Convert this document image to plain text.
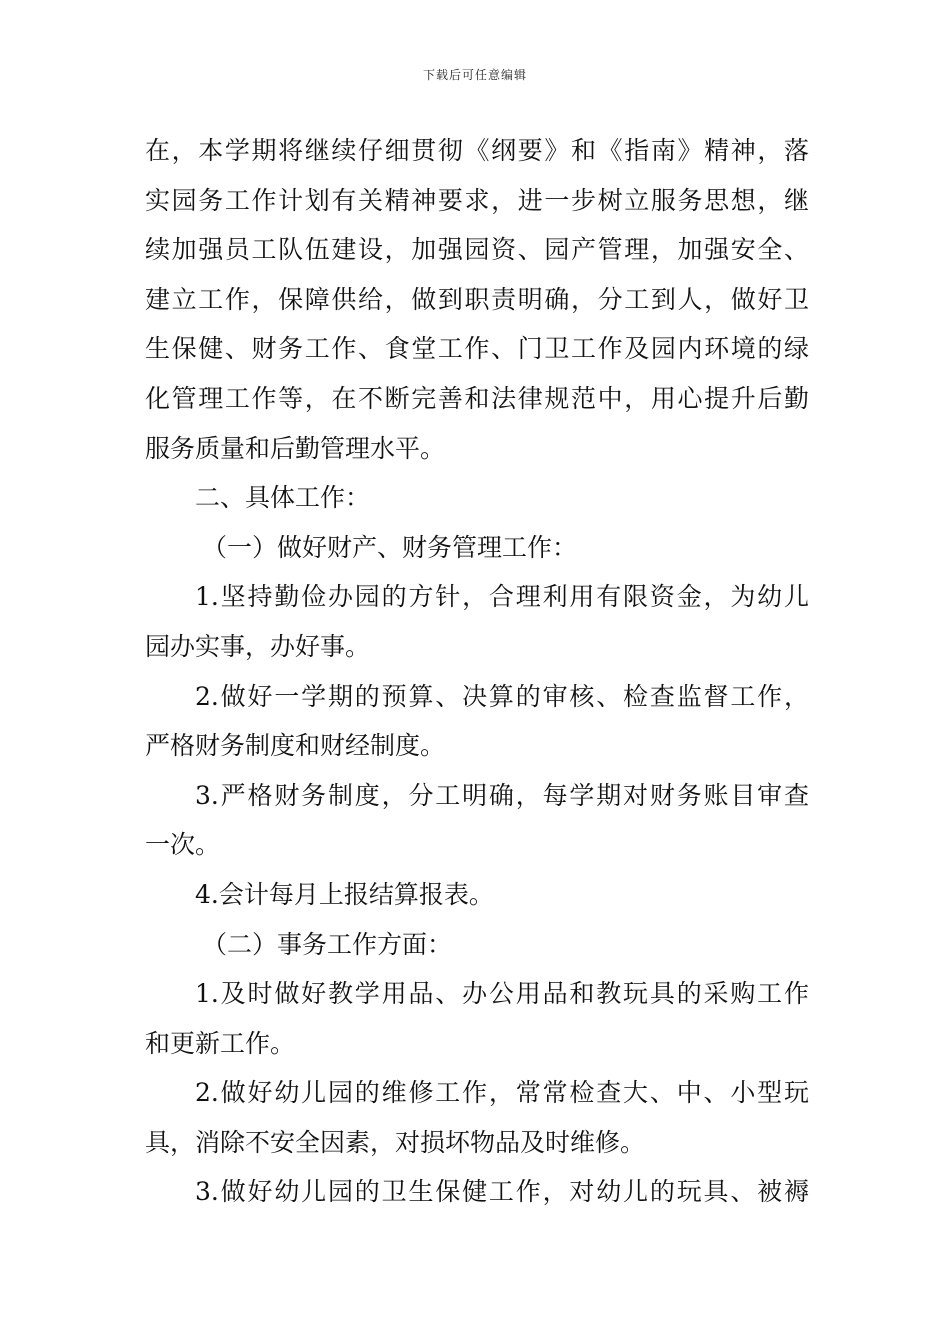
下载后可任意编辑
在，本学期将继续仔细贯彻《纲要》和《指南》精神，落
实园务工作计划有关精神要求，进一步树立服务思想，继
续加强员工队伍建设，加强园资、园产管理，加强安全、
建立工作，保障供给，做到职责明确，分工到人，做好卫
生保健、财务工作、食堂工作、门卫工作及园内环境的绿
化管理工作等，在不断完善和法律规范中，用心提升后勤
服务质量和后勤管理水平。
二、具体工作：
（一）做好财产、财务管理工作：
1.坚持勤俭办园的方针，合理利用有限资金，为幼儿
园办实事，办好事。
2.做好一学期的预算、决算的审核、检查监督工作，
严格财务制度和财经制度。
3.严格财务制度，分工明确，每学期对财务账目审查
一次。
4.会计每月上报结算报表。
（二）事务工作方面：
1.及时做好教学用品、办公用品和教玩具的采购工作
和更新工作。
2.做好幼儿园的维修工作，常常检查大、中、小型玩
具，消除不安全因素，对损坏物品及时维修。
3.做好幼儿园的卫生保健工作，对幼儿的玩具、被褥
